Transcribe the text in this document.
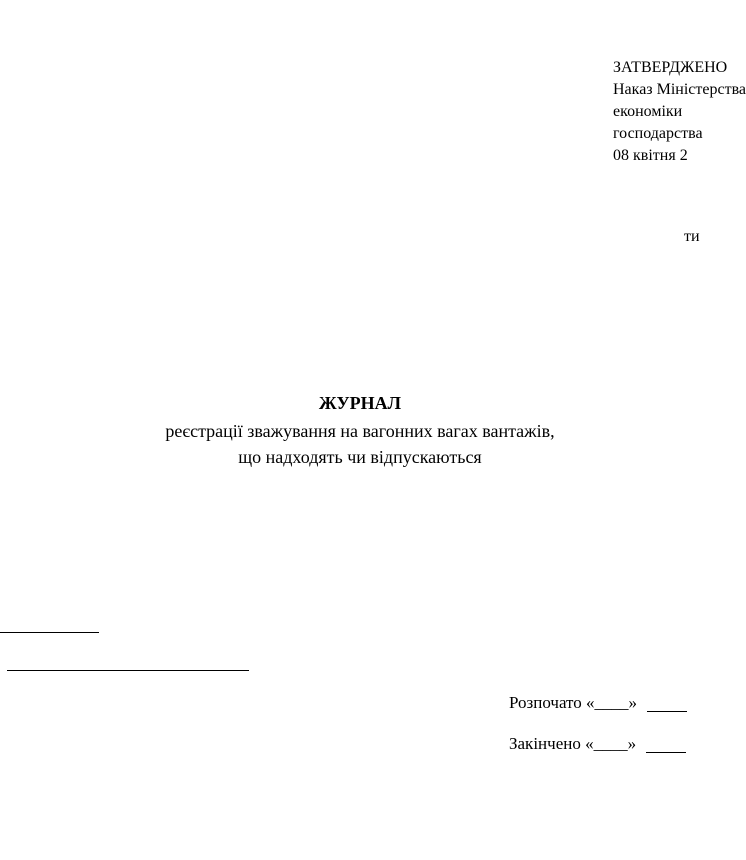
ЗАТВЕРДЖЕНО
Наказ Міністерства
економіки
господарства
08 квітня 2
ти
ЖУРНАЛ
реєстрації зважування на вагонних вагах вантажів,
що надходять чи відпускаються
Розпочато «____»
Закінчено «____»
